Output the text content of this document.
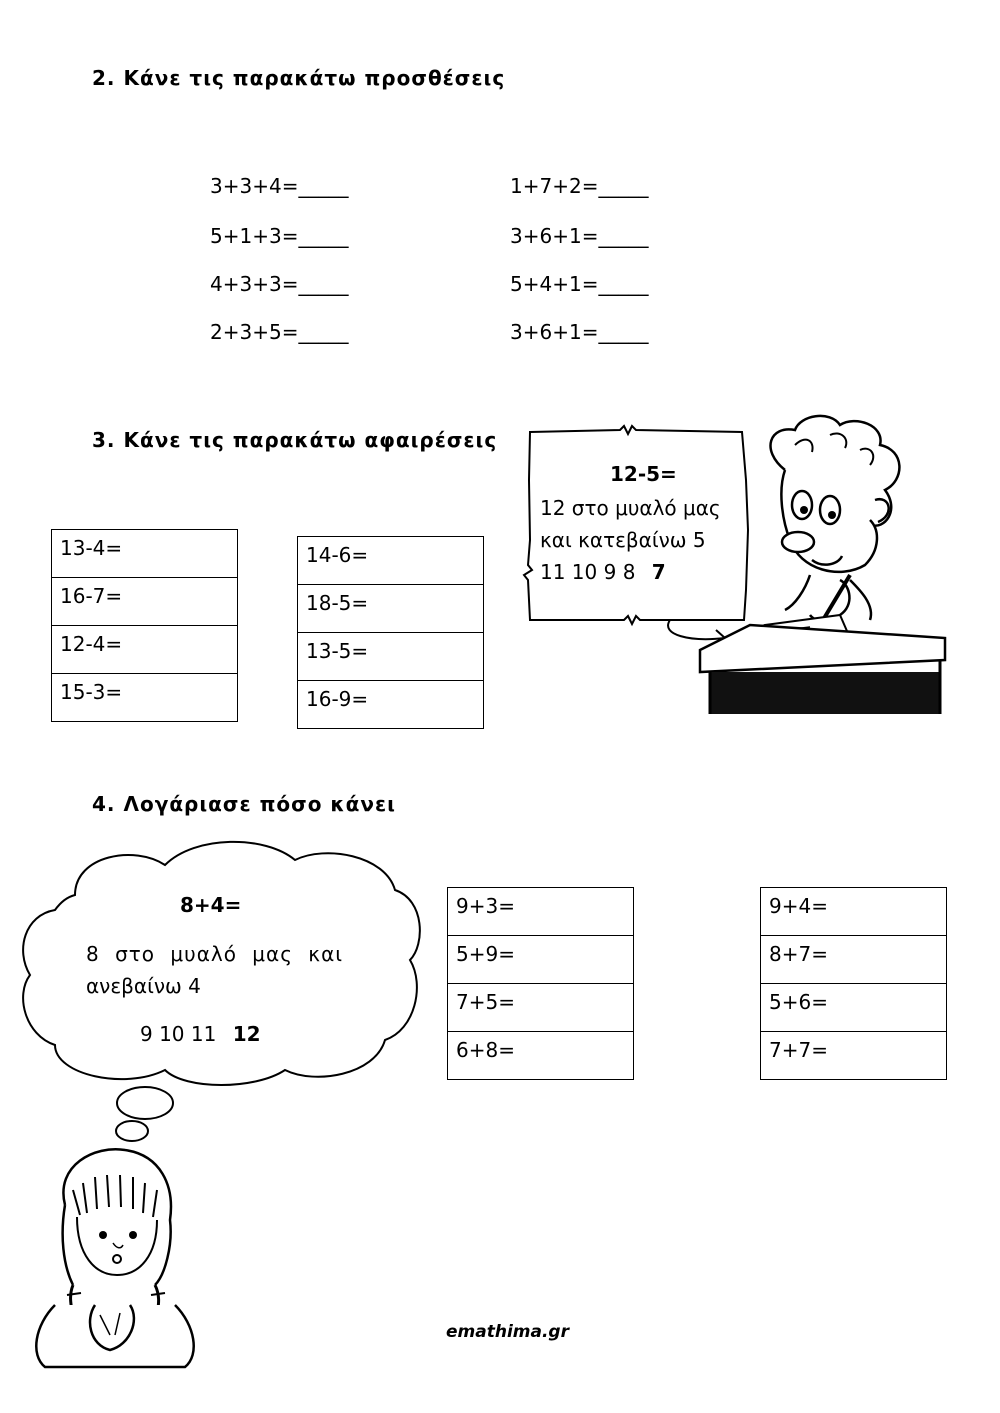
2. Κάνε τις παρακάτω προσθέσεις
3+3+4=_____
5+1+3=_____
4+3+3=_____
2+3+5=_____
1+7+2=_____
3+6+1=_____
5+4+1=_____
3+6+1=_____
3. Κάνε τις παρακάτω αφαιρέσεις
13-4=
16-7=
12-4=
15-3=
14-6=
18-5=
13-5=
16-9=
12-5=
12 στο μυαλό μας
και κατεβαίνω 5
11 10 9 8 7
4. Λογάριασε πόσο κάνει
8+4=
8 στο μυαλό μας και
ανεβαίνω 4
9 10 11 12
9+3=
5+9=
7+5=
6+8=
9+4=
8+7=
5+6=
7+7=
emathima.gr
